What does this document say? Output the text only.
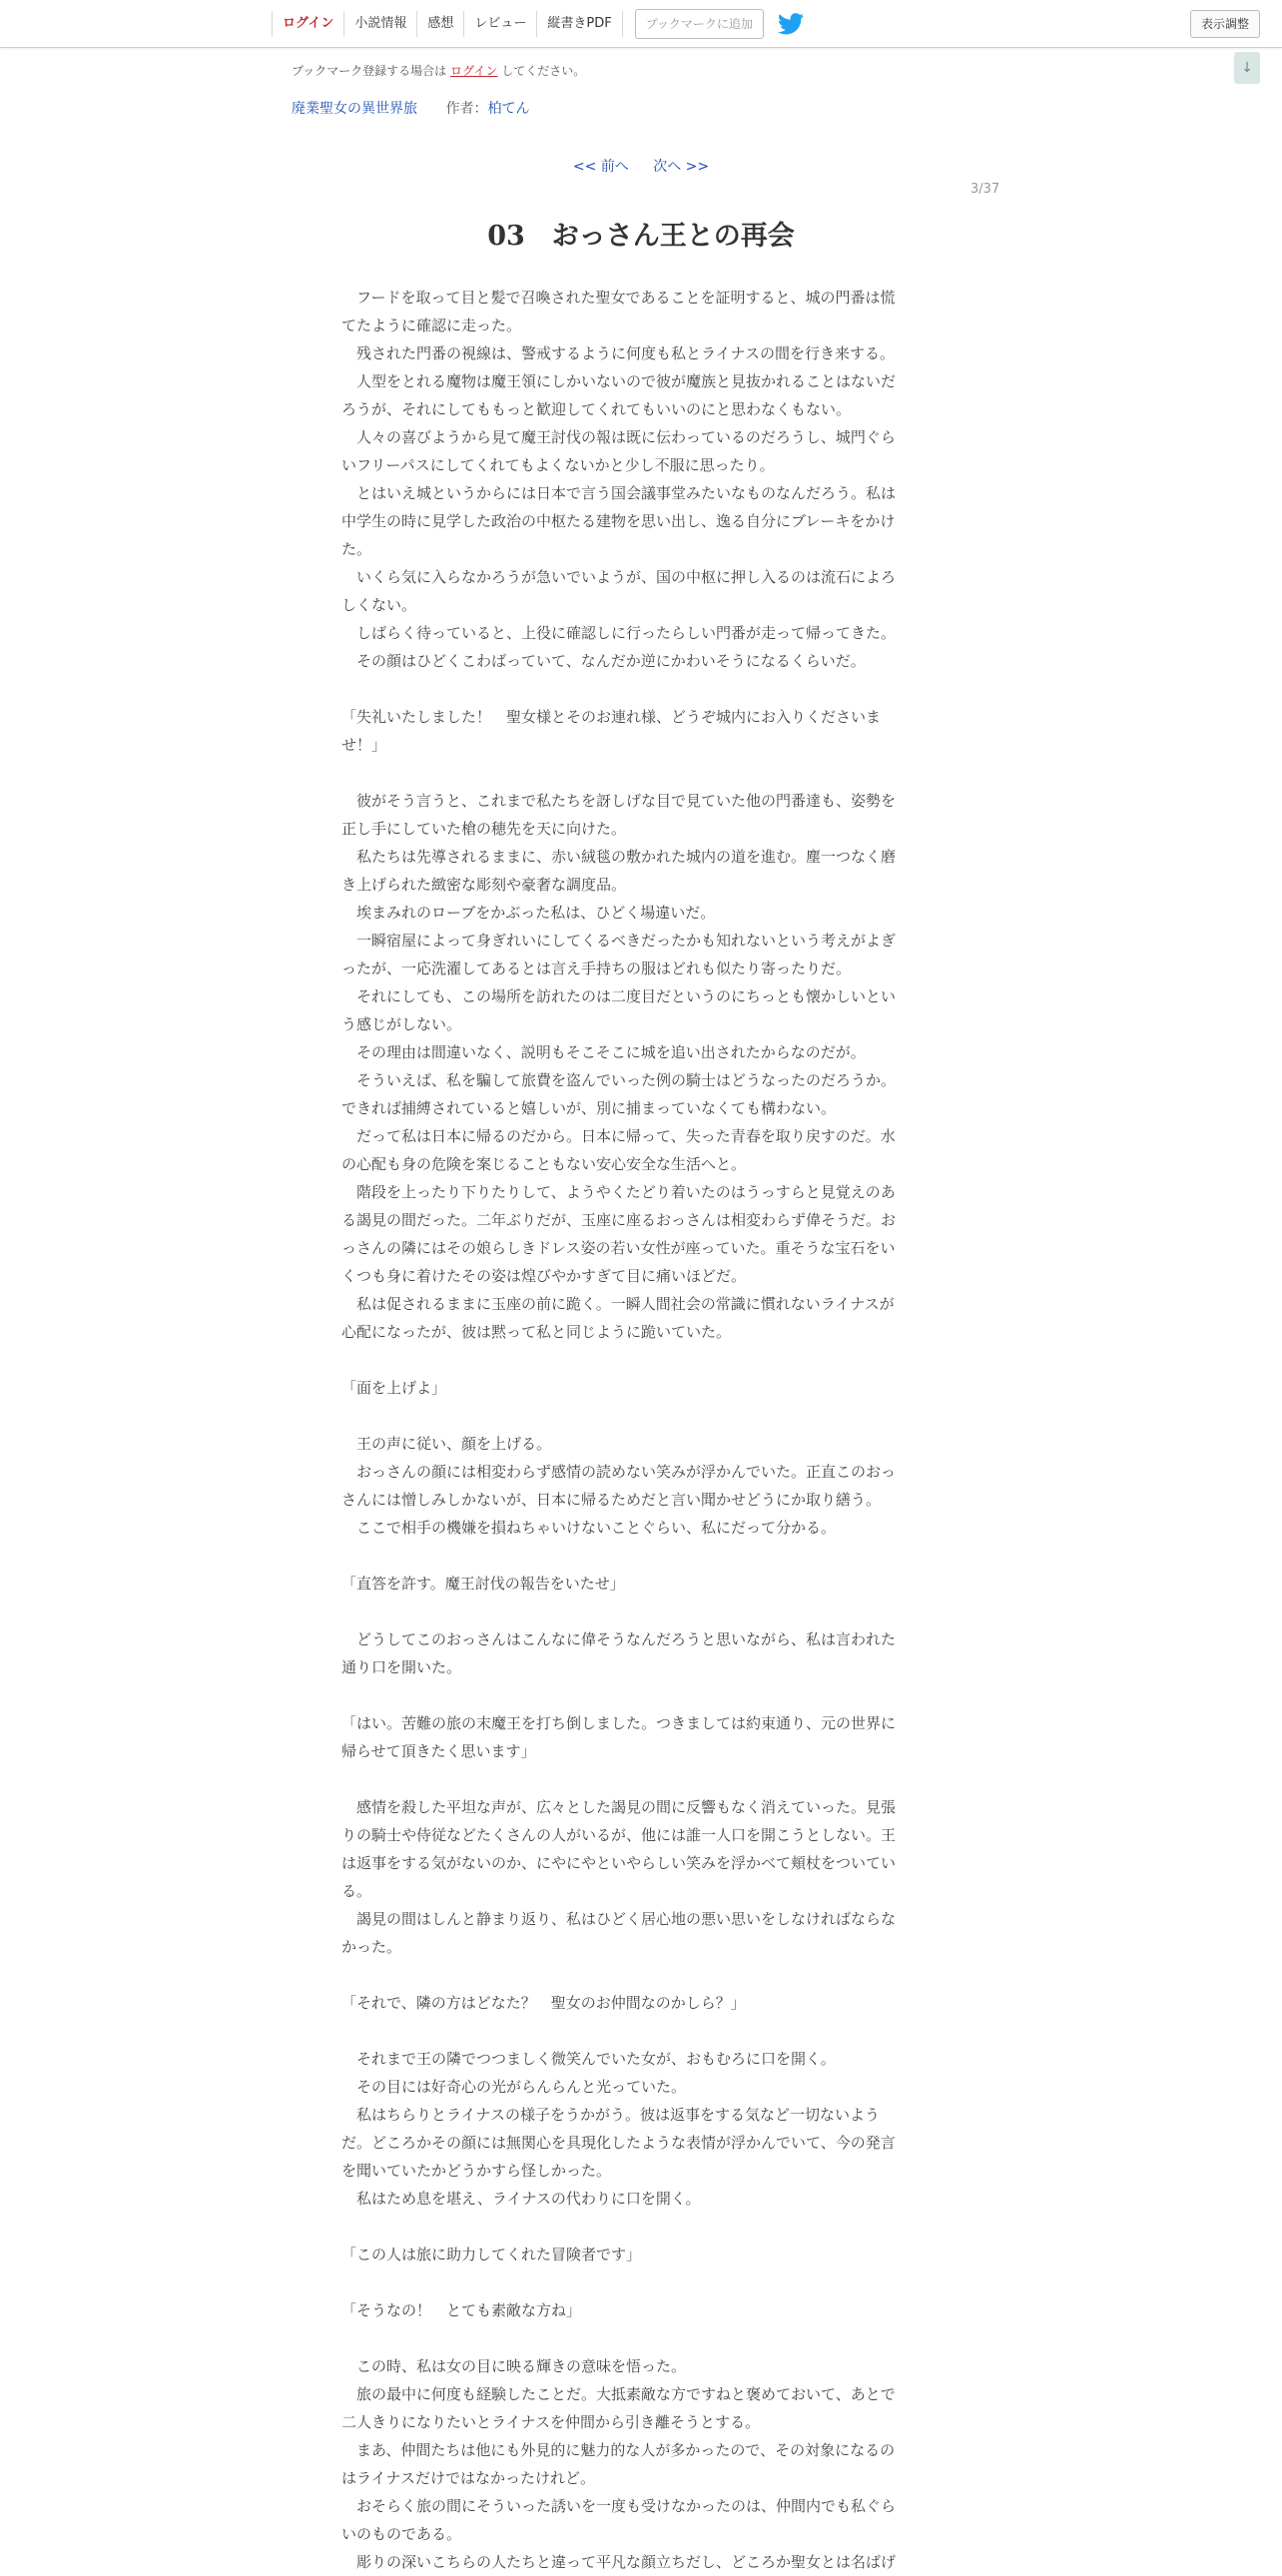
ログイン	小説情報	感想	レビュー	縦書きPDF	ブックマークに追加	表示調整
↓
ブックマーク登録する場合は ログイン してください。
廃業聖女の異世界旅 作者：柏てん
<< 前へ 次へ >>
3/37
03　おっさん王との再会
　フードを取って目と髪で召喚された聖女であることを証明すると、城の門番は慌
てたように確認に走った。
　残された門番の視線は、警戒するように何度も私とライナスの間を行き来する。
　人型をとれる魔物は魔王領にしかいないので彼が魔族と見抜かれることはないだ
ろうが、それにしてももっと歓迎してくれてもいいのにと思わなくもない。
　人々の喜びようから見て魔王討伐の報は既に伝わっているのだろうし、城門ぐら
いフリーパスにしてくれてもよくないかと少し不服に思ったり。
　とはいえ城というからには日本で言う国会議事堂みたいなものなんだろう。私は
中学生の時に見学した政治の中枢たる建物を思い出し、逸る自分にブレーキをかけ
た。
　いくら気に入らなかろうが急いでいようが、国の中枢に押し入るのは流石によろ
しくない。
　しばらく待っていると、上役に確認しに行ったらしい門番が走って帰ってきた。
　その顔はひどくこわばっていて、なんだか逆にかわいそうになるくらいだ。
「失礼いたしました！　聖女様とそのお連れ様、どうぞ城内にお入りくださいま
せ！」
　彼がそう言うと、これまで私たちを訝しげな目で見ていた他の門番達も、姿勢を
正し手にしていた槍の穂先を天に向けた。
　私たちは先導されるままに、赤い絨毯の敷かれた城内の道を進む。塵一つなく磨
き上げられた緻密な彫刻や豪奢な調度品。
　埃まみれのローブをかぶった私は、ひどく場違いだ。
　一瞬宿屋によって身ぎれいにしてくるべきだったかも知れないという考えがよぎ
ったが、一応洗濯してあるとは言え手持ちの服はどれも似たり寄ったりだ。
　それにしても、この場所を訪れたのは二度目だというのにちっとも懐かしいとい
う感じがしない。
　その理由は間違いなく、説明もそこそこに城を追い出されたからなのだが。
　そういえば、私を騙して旅費を盗んでいった例の騎士はどうなったのだろうか。
できれば捕縛されていると嬉しいが、別に捕まっていなくても構わない。
　だって私は日本に帰るのだから。日本に帰って、失った青春を取り戻すのだ。水
の心配も身の危険を案じることもない安心安全な生活へと。
　階段を上ったり下りたりして、ようやくたどり着いたのはうっすらと見覚えのあ
る謁見の間だった。二年ぶりだが、玉座に座るおっさんは相変わらず偉そうだ。お
っさんの隣にはその娘らしきドレス姿の若い女性が座っていた。重そうな宝石をい
くつも身に着けたその姿は煌びやかすぎて目に痛いほどだ。
　私は促されるままに玉座の前に跪く。一瞬人間社会の常識に慣れないライナスが
心配になったが、彼は黙って私と同じように跪いていた。
「面を上げよ」
　王の声に従い、顔を上げる。
　おっさんの顔には相変わらず感情の読めない笑みが浮かんでいた。正直このおっ
さんには憎しみしかないが、日本に帰るためだと言い聞かせどうにか取り繕う。
　ここで相手の機嫌を損ねちゃいけないことぐらい、私にだって分かる。
「直答を許す。魔王討伐の報告をいたせ」
　どうしてこのおっさんはこんなに偉そうなんだろうと思いながら、私は言われた
通り口を開いた。
「はい。苦難の旅の末魔王を打ち倒しました。つきましては約束通り、元の世界に
帰らせて頂きたく思います」
　感情を殺した平坦な声が、広々とした謁見の間に反響もなく消えていった。見張
りの騎士や侍従などたくさんの人がいるが、他には誰一人口を開こうとしない。王
は返事をする気がないのか、にやにやといやらしい笑みを浮かべて頬杖をついてい
る。
　謁見の間はしんと静まり返り、私はひどく居心地の悪い思いをしなければならな
かった。
「それで、隣の方はどなた？　聖女のお仲間なのかしら？」
　それまで王の隣でつつましく微笑んでいた女が、おもむろに口を開く。
　その目には好奇心の光がらんらんと光っていた。
　私はちらりとライナスの様子をうかがう。彼は返事をする気など一切ないよう
だ。どころかその顔には無関心を具現化したような表情が浮かんでいて、今の発言
を聞いていたかどうかすら怪しかった。
　私はため息を堪え、ライナスの代わりに口を開く。
「この人は旅に助力してくれた冒険者です」
「そうなの！　とても素敵な方ね」
　この時、私は女の目に映る輝きの意味を悟った。
　旅の最中に何度も経験したことだ。大抵素敵な方ですねと褒めておいて、あとで
二人きりになりたいとライナスを仲間から引き離そうとする。
　まあ、仲間たちは他にも外見的に魅力的な人が多かったので、その対象になるの
はライナスだけではなかったけれど。
　おそらく旅の間にそういった誘いを一度も受けなかったのは、仲間内でも私ぐら
いのものである。
　彫りの深いこちらの人たちと違って平凡な顔立ちだし、どころか聖女とは名ばげ
